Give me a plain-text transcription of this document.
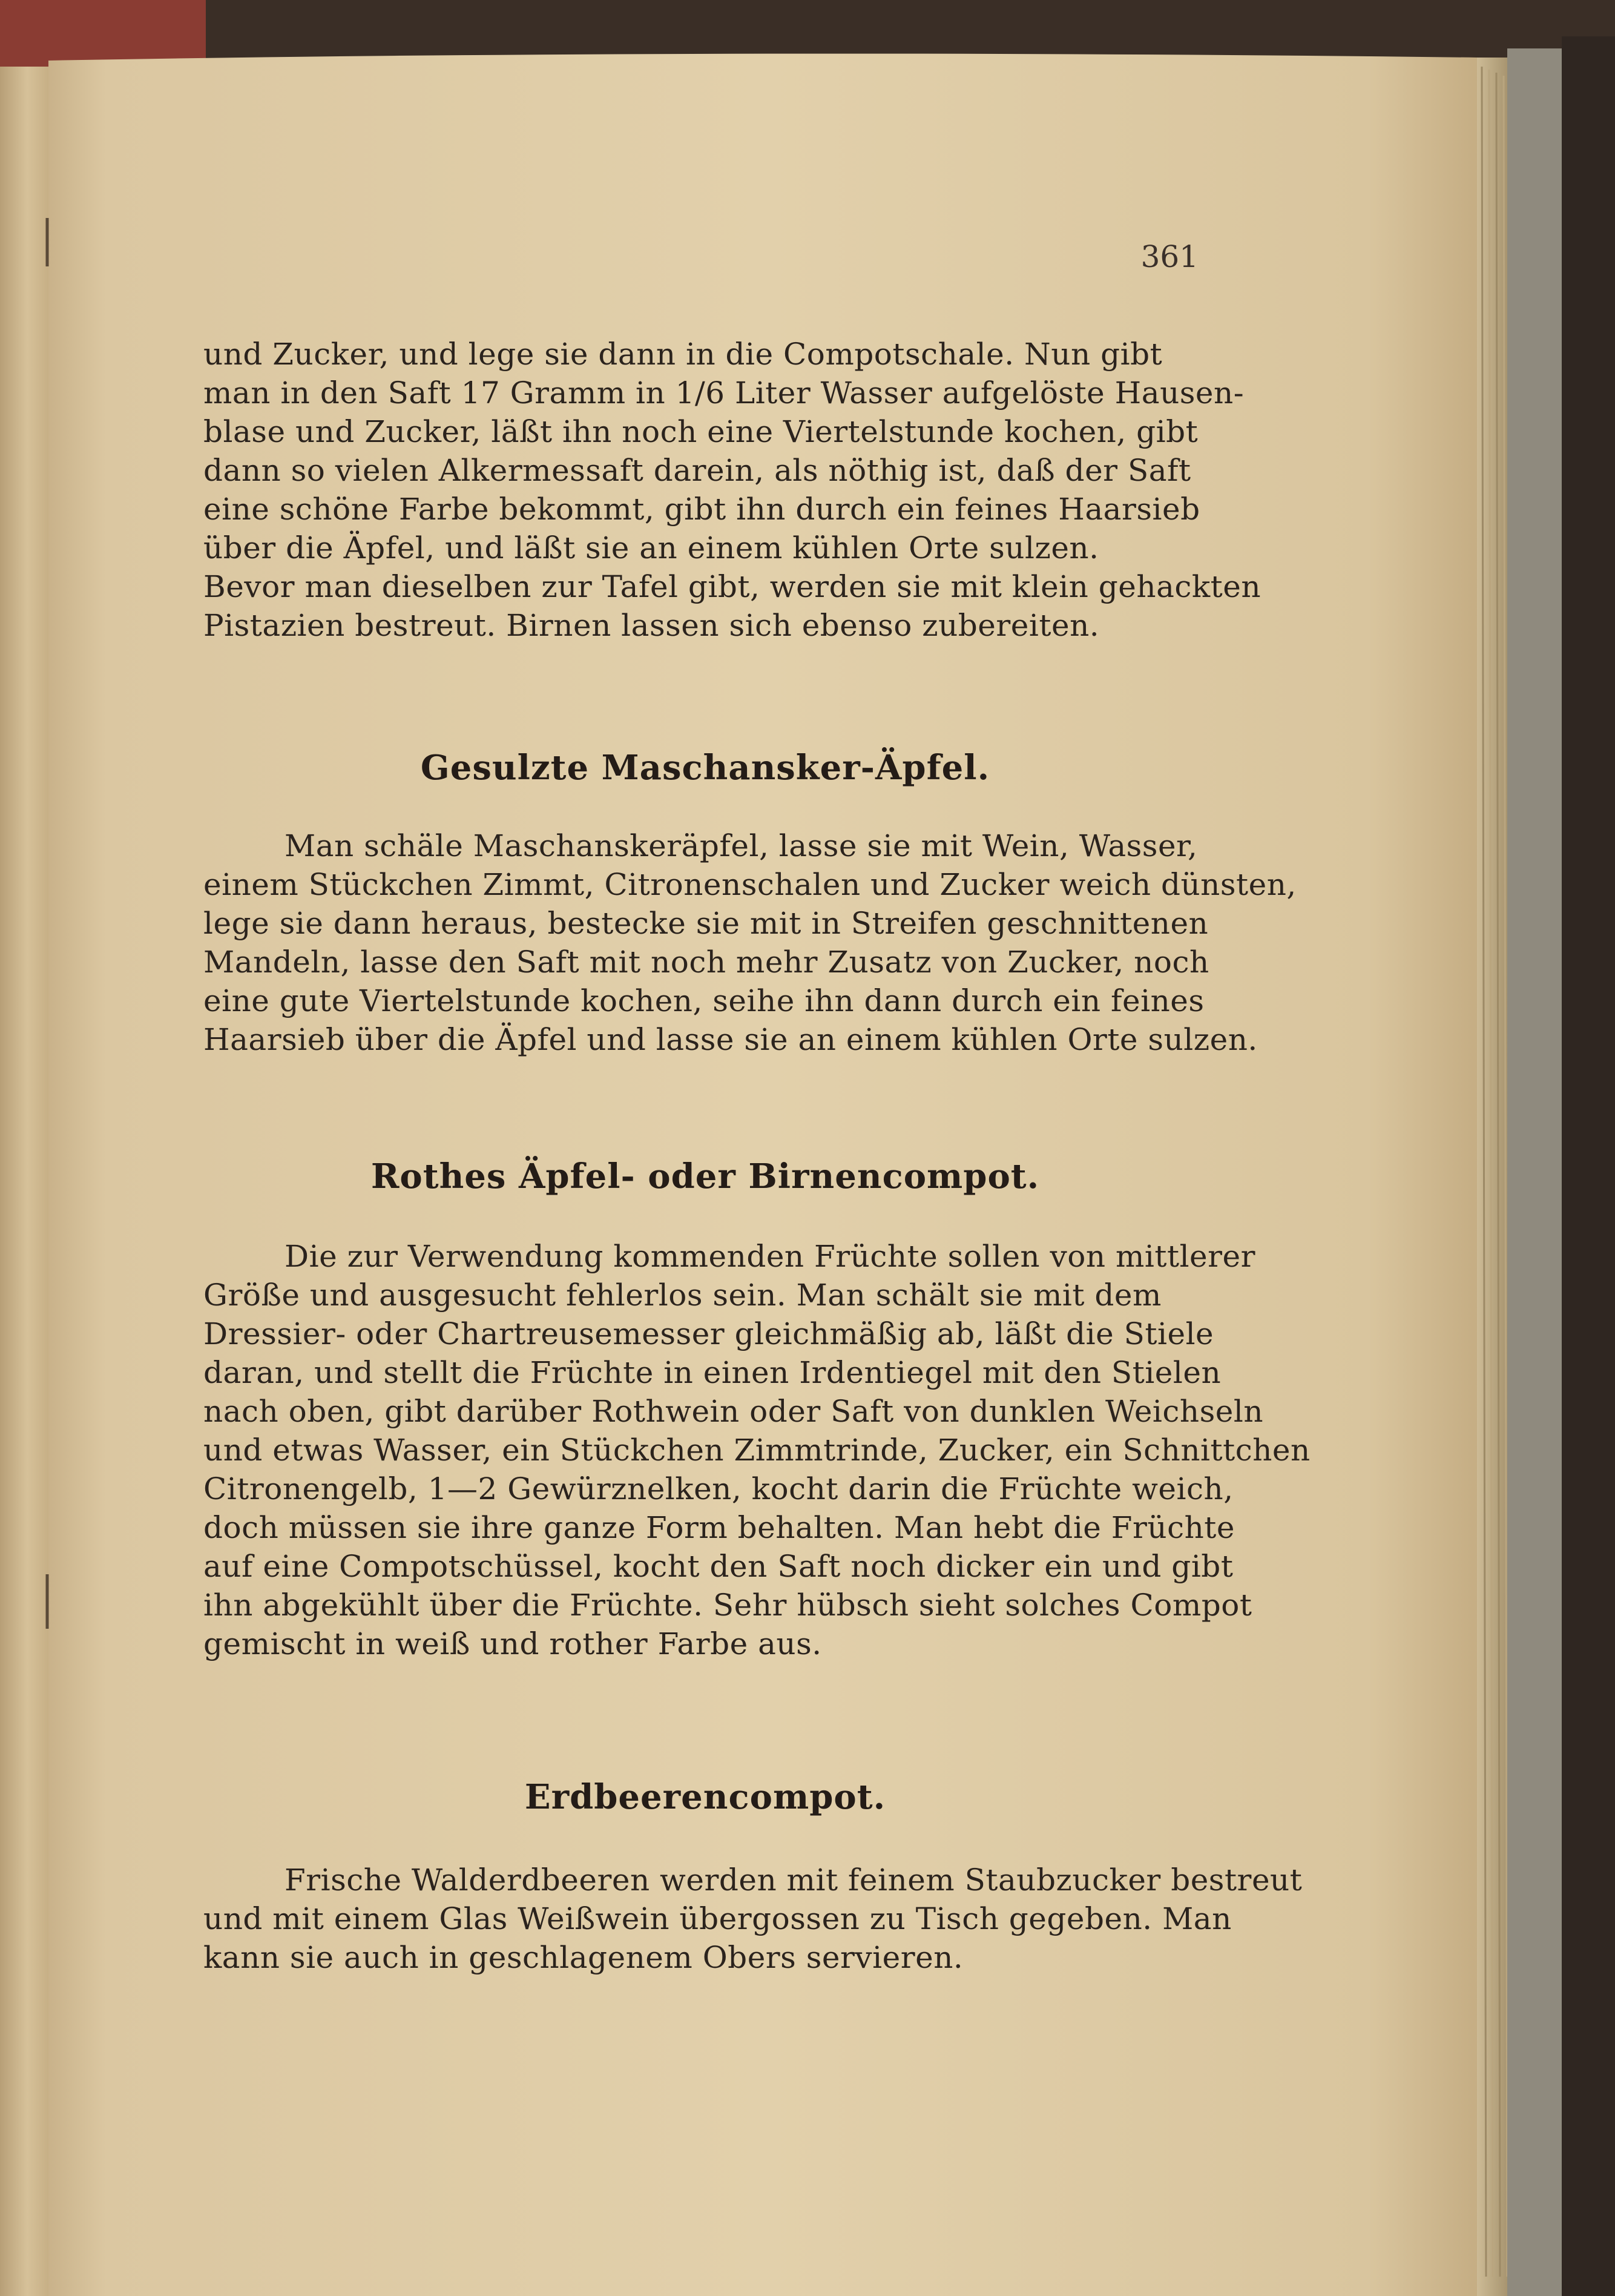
361
und Zucker, und lege sie dann in die Compotschale. Nun gibt
man in den Saft 17 Gramm in 1/6 Liter Wasser aufgelöste Hausen-
blase und Zucker, läßt ihn noch eine Viertelstunde kochen, gibt
dann so vielen Alkermessaft darein, als nöthig ist, daß der Saft
eine schöne Farbe bekommt, gibt ihn durch ein feines Haarsieb
über die Äpfel, und läßt sie an einem kühlen Orte sulzen.
Bevor man dieselben zur Tafel gibt, werden sie mit klein gehackten
Pistazien bestreut. Birnen lassen sich ebenso zubereiten.
Gesulzte Maschansker-Äpfel.
Man schäle Maschanskeräpfel, lasse sie mit Wein, Wasser,
einem Stückchen Zimmt, Citronenschalen und Zucker weich dünsten,
lege sie dann heraus, bestecke sie mit in Streifen geschnittenen
Mandeln, lasse den Saft mit noch mehr Zusatz von Zucker, noch
eine gute Viertelstunde kochen, seihe ihn dann durch ein feines
Haarsieb über die Äpfel und lasse sie an einem kühlen Orte sulzen.
Rothes Äpfel- oder Birnencompot.
Die zur Verwendung kommenden Früchte sollen von mittlerer
Größe und ausgesucht fehlerlos sein. Man schält sie mit dem
Dressier- oder Chartreusemesser gleichmäßig ab, läßt die Stiele
daran, und stellt die Früchte in einen Irdentiegel mit den Stielen
nach oben, gibt darüber Rothwein oder Saft von dunklen Weichseln
und etwas Wasser, ein Stückchen Zimmtrinde, Zucker, ein Schnittchen
Citronengelb, 1—2 Gewürznelken, kocht darin die Früchte weich,
doch müssen sie ihre ganze Form behalten. Man hebt die Früchte
auf eine Compotschüssel, kocht den Saft noch dicker ein und gibt
ihn abgekühlt über die Früchte. Sehr hübsch sieht solches Compot
gemischt in weiß und rother Farbe aus.
Erdbeerencompot.
Frische Walderdbeeren werden mit feinem Staubzucker bestreut
und mit einem Glas Weißwein übergossen zu Tisch gegeben. Man
kann sie auch in geschlagenem Obers servieren.
